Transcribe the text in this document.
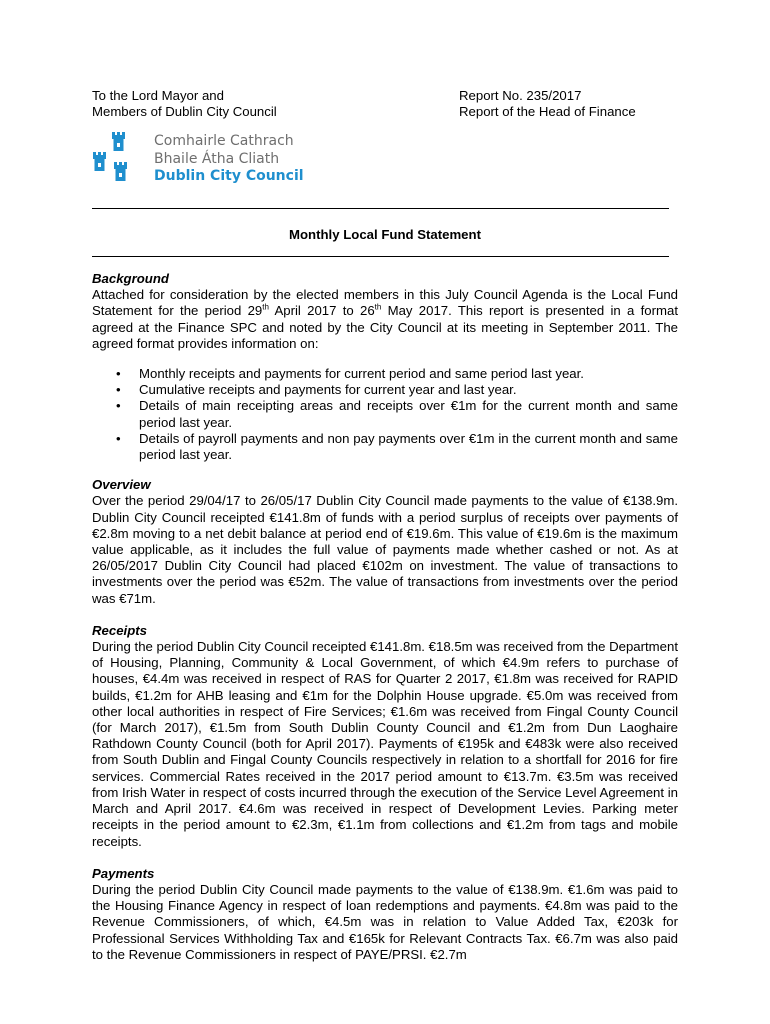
To the Lord Mayor and
Members of Dublin City Council
Report No. 235/2017
Report of the Head of Finance
Comhairle Cathrach
Bhaile Átha Cliath
Dublin City Council
Monthly Local Fund Statement
Background

Attached for consideration by the elected members in this July Council Agenda is the Local Fund Statement for the period 29th April 2017 to 26th May 2017. This report is presented in a format agreed at the Finance SPC and noted by the City Council at its meeting in September 2011. The agreed format provides information on:

• Monthly receipts and payments for current period and same period last year.
• Cumulative receipts and payments for current year and last year.
• Details of main receipting areas and receipts over €1m for the current month and same period last year.
• Details of payroll payments and non pay payments over €1m in the current month and same period last year.
Overview

Over the period 29/04/17 to 26/05/17 Dublin City Council made payments to the value of €138.9m. Dublin City Council receipted €141.8m of funds with a period surplus of receipts over payments of €2.8m moving to a net debit balance at period end of €19.6m. This value of €19.6m is the maximum value applicable, as it includes the full value of payments made whether cashed or not. As at 26/05/2017 Dublin City Council had placed €102m on investment. The value of transactions to investments over the period was €52m. The value of transactions from investments over the period was €71m.

Receipts

During the period Dublin City Council receipted €141.8m. €18.5m was received from the Department of Housing, Planning, Community & Local Government, of which €4.9m refers to purchase of houses, €4.4m was received in respect of RAS for Quarter 2 2017, €1.8m was received for RAPID builds, €1.2m for AHB leasing and €1m for the Dolphin House upgrade. €5.0m was received from other local authorities in respect of Fire Services; €1.6m was received from Fingal County Council (for March 2017), €1.5m from South Dublin County Council and €1.2m from Dun Laoghaire Rathdown County Council (both for April 2017). Payments of €195k and €483k were also received from South Dublin and Fingal County Councils respectively in relation to a shortfall for 2016 for fire services. Commercial Rates received in the 2017 period amount to €13.7m. €3.5m was received from Irish Water in respect of costs incurred through the execution of the Service Level Agreement in March and April 2017. €4.6m was received in respect of Development Levies. Parking meter receipts in the period amount to €2.3m, €1.1m from collections and €1.2m from tags and mobile receipts.

Payments

During the period Dublin City Council made payments to the value of €138.9m. €1.6m was paid to the Housing Finance Agency in respect of loan redemptions and payments. €4.8m was paid to the Revenue Commissioners, of which, €4.5m was in relation to Value Added Tax, €203k for Professional Services Withholding Tax and €165k for Relevant Contracts Tax. €6.7m was also paid to the Revenue Commissioners in respect of PAYE/PRSI. €2.7m
